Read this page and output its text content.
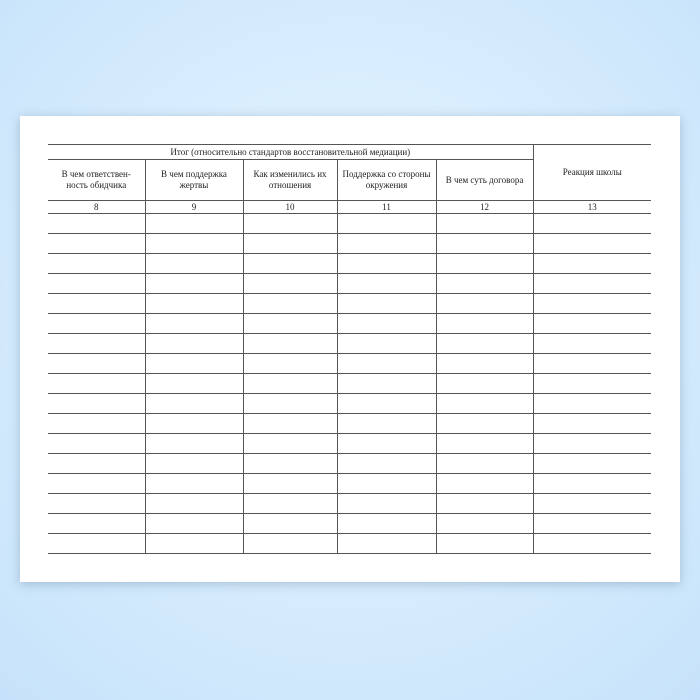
Итог (относительно стандартов восстановительной медиации)					Реакция школы
В чем ответствен-ность обидчика	В чем поддержка жертвы	Как изменились их отношения	Поддержка со стороны окружения	В чем суть договора	
8	9	10	11	12	13
